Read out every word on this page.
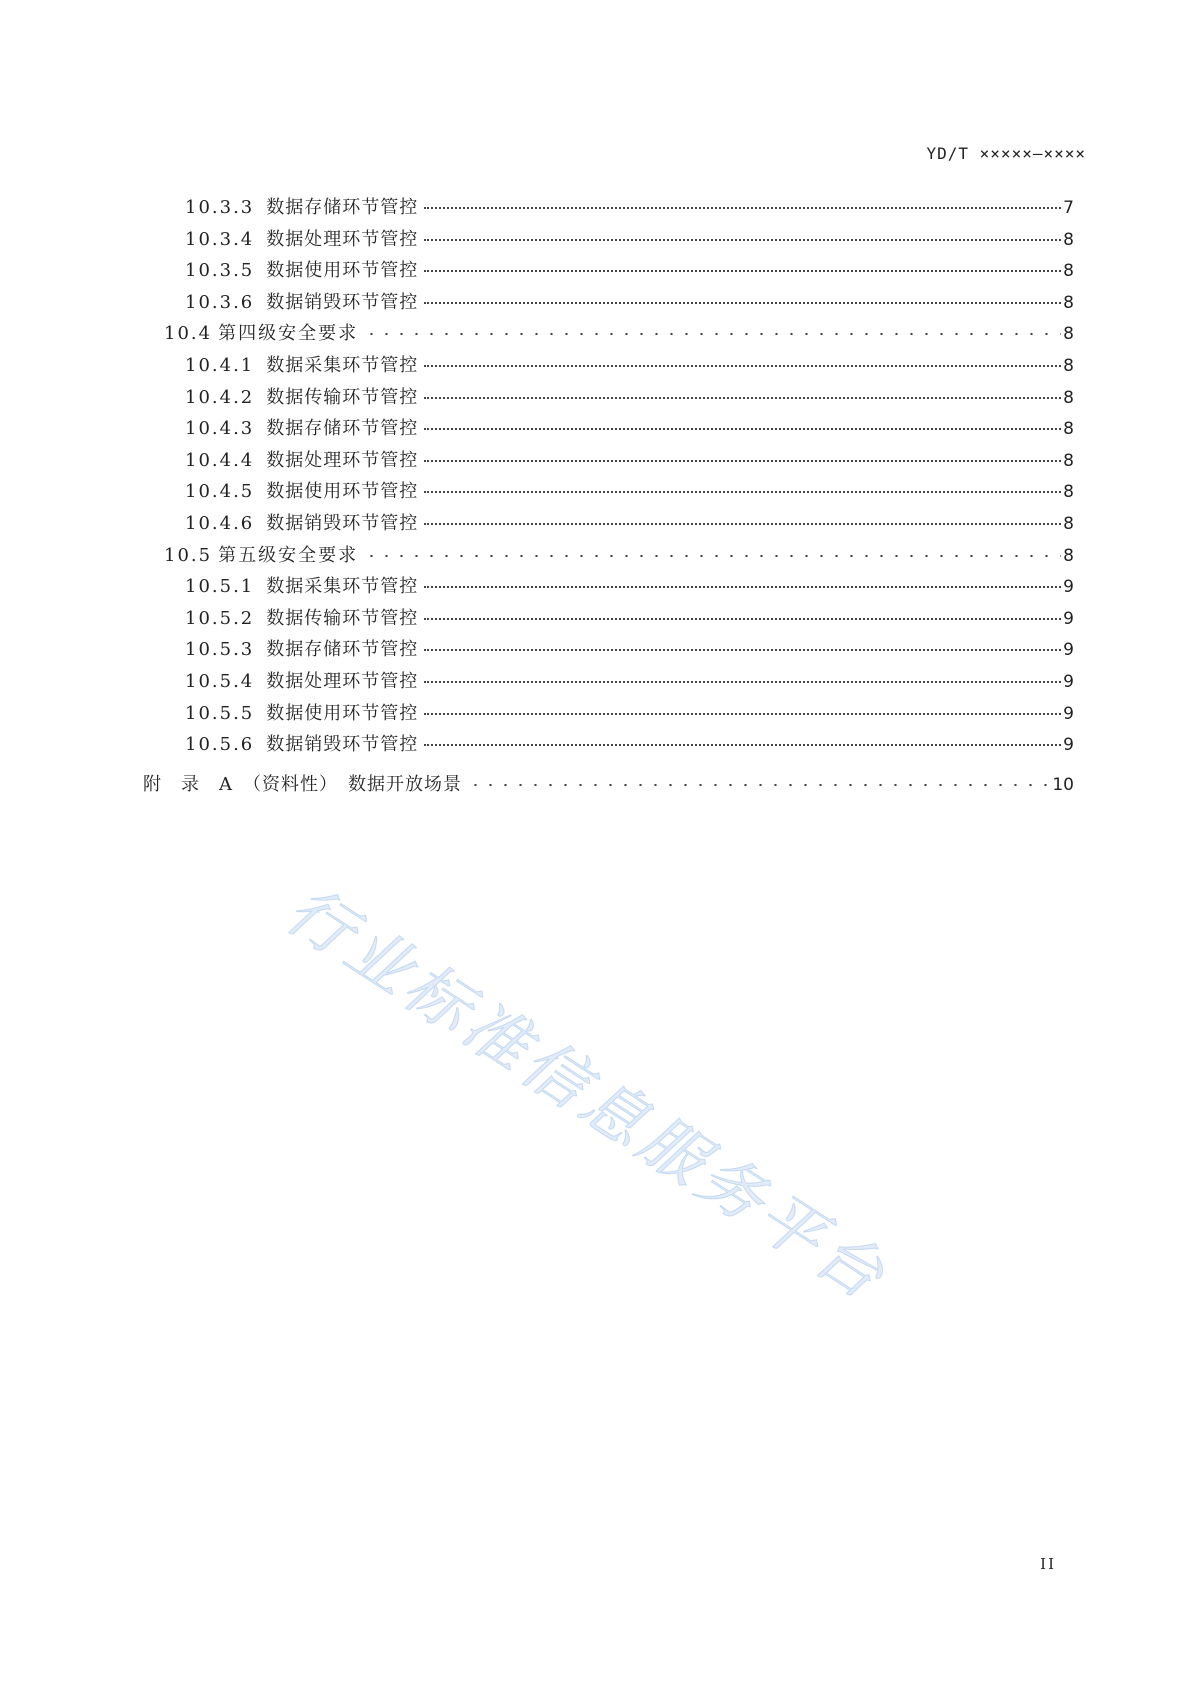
YD/T ×××××—××××
10.3.3 数据存储环节管控	7
10.3.4 数据处理环节管控	8
10.3.5 数据使用环节管控	8
10.3.6 数据销毁环节管控	8
10.4 第四级安全要求	8
10.4.1 数据采集环节管控	8
10.4.2 数据传输环节管控	8
10.4.3 数据存储环节管控	8
10.4.4 数据处理环节管控	8
10.4.5 数据使用环节管控	8
10.4.6 数据销毁环节管控	8
10.5 第五级安全要求	8
10.5.1 数据采集环节管控	9
10.5.2 数据传输环节管控	9
10.5.3 数据存储环节管控	9
10.5.4 数据处理环节管控	9
10.5.5 数据使用环节管控	9
10.5.6 数据销毁环节管控	9
附　录　A （资料性） 数据开放场景	10
行业标准信息服务平台
II
